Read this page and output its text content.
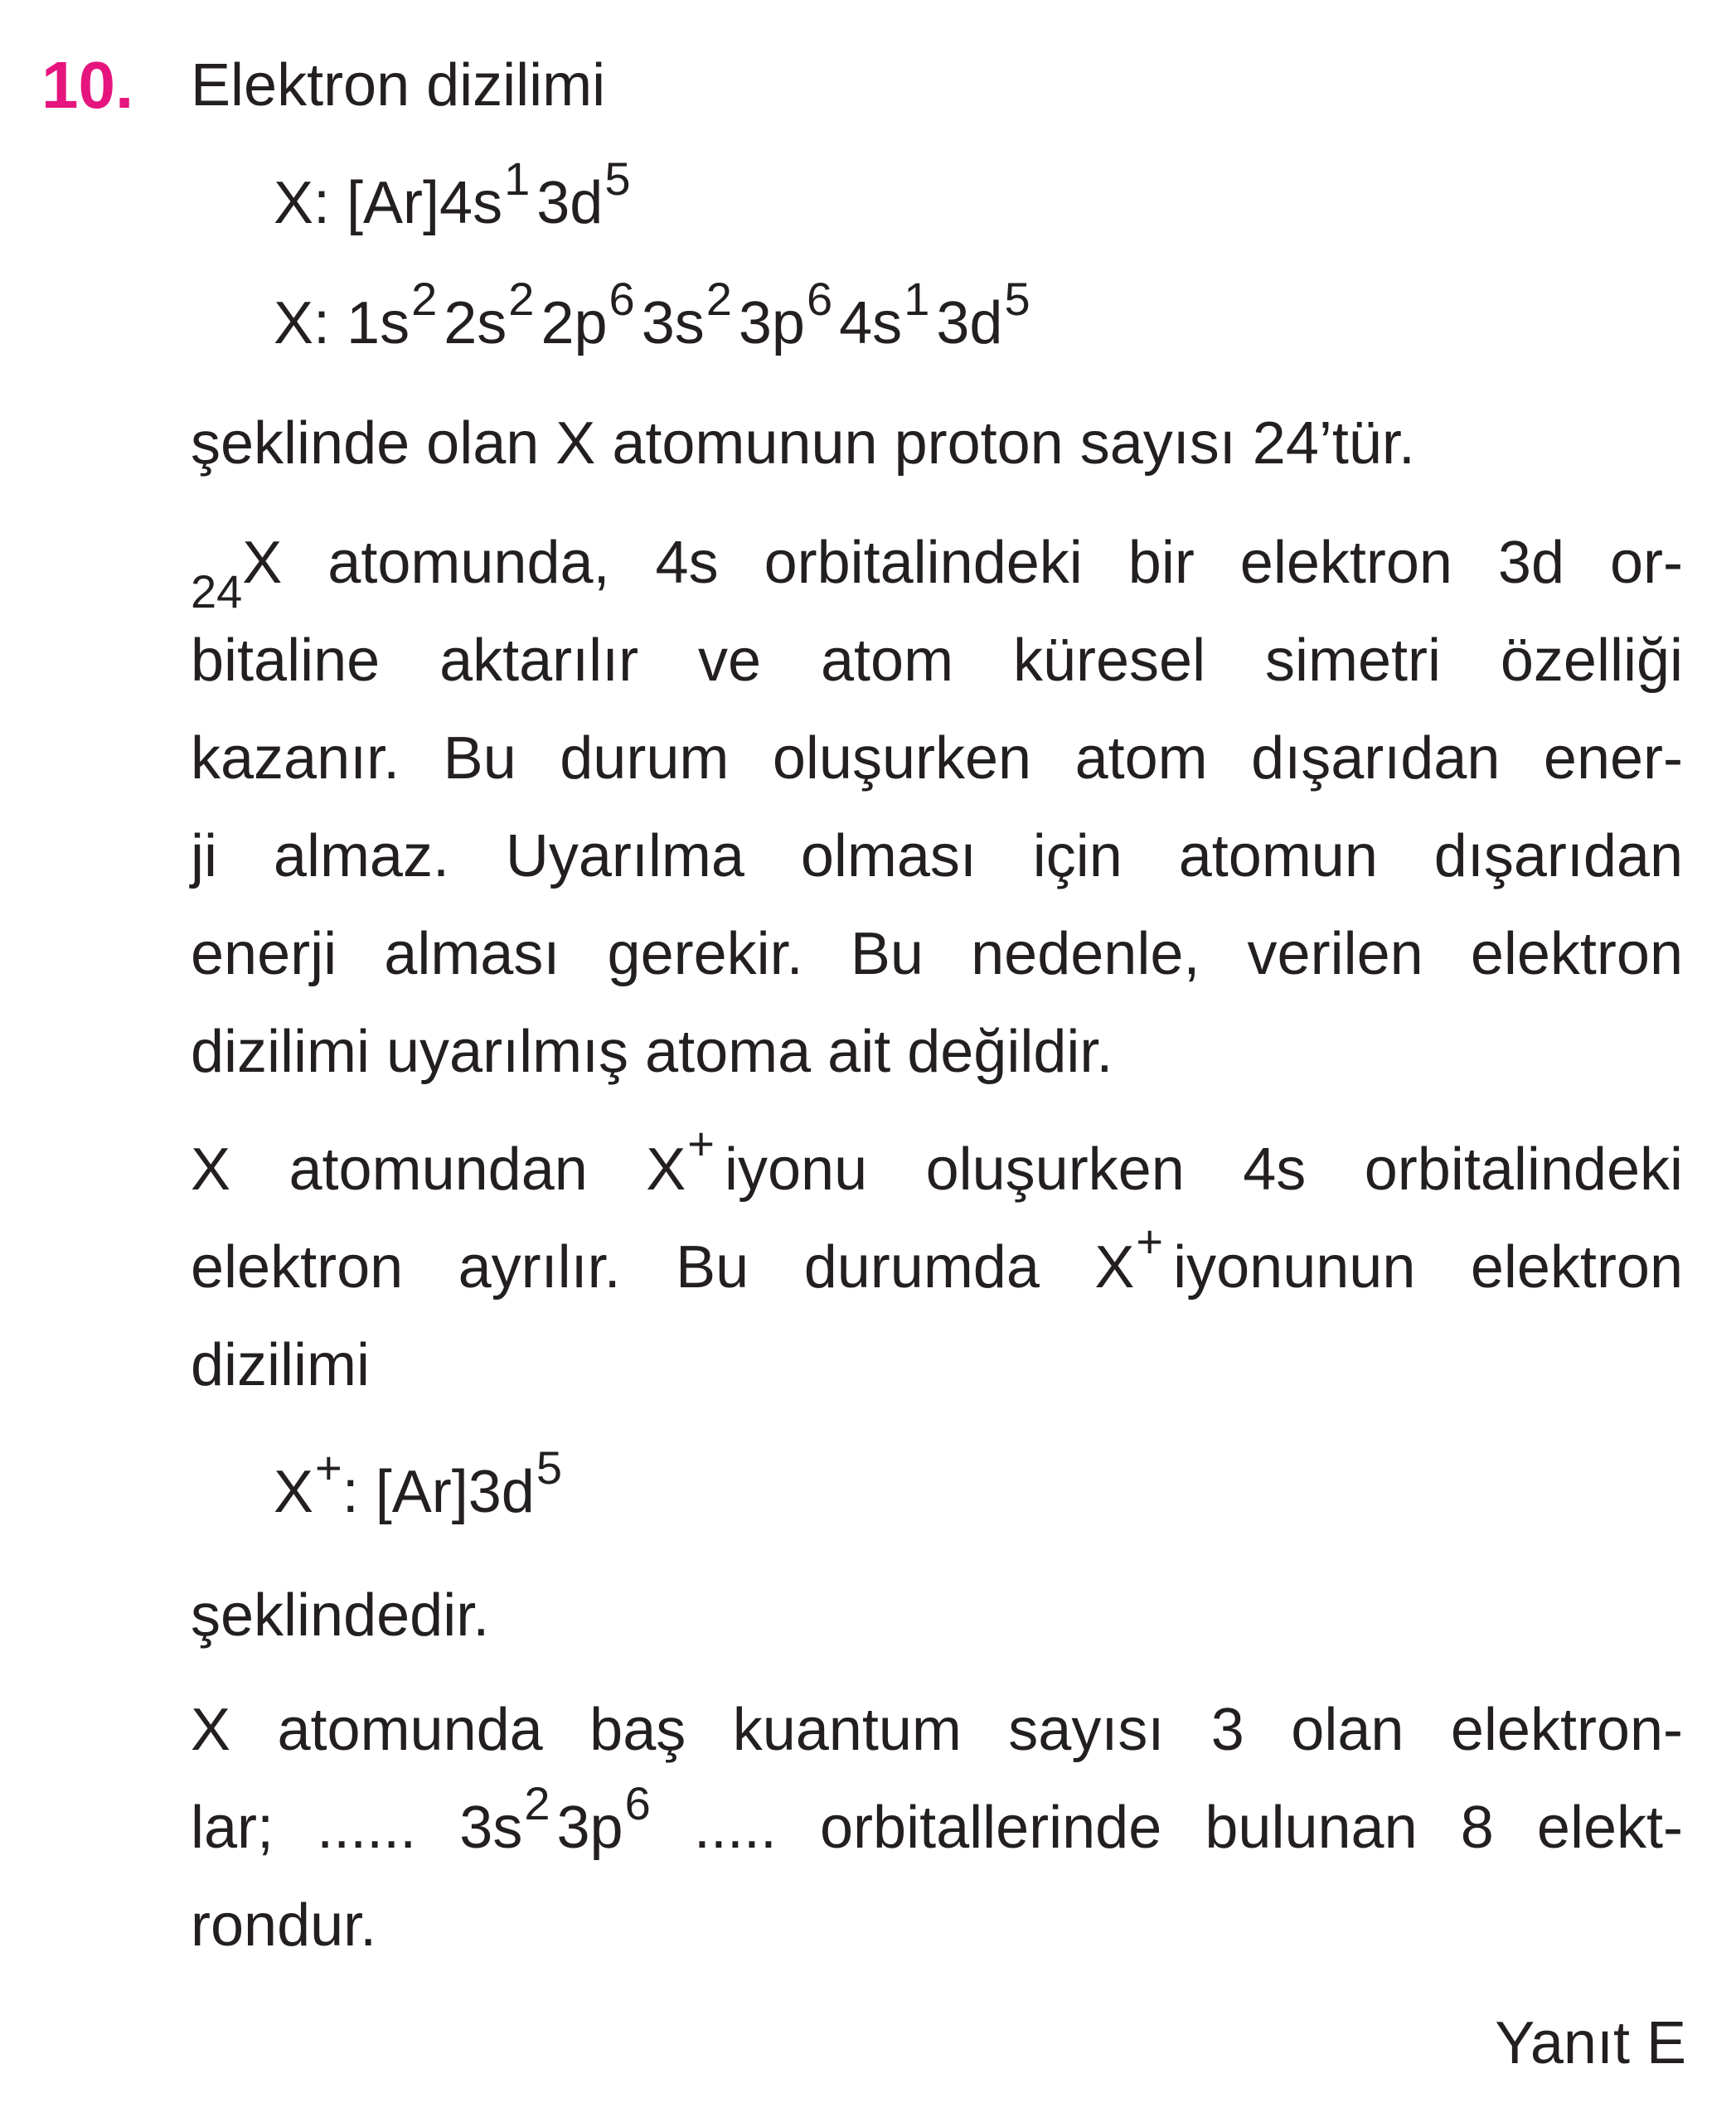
10. Elektron dizilimi
X: $[Ar]4s^1$ $3d^5$
X: $1s^2$ $2s^2$ $2p^6$ $3s^2$ $3p^6$ $4s^1$ $3d^5$
şeklinde olan X atomunun proton sayısı 24’tür.
$_{24}$X atomunda, 4s orbitalindeki bir elektron 3d or-
bitaline aktarılır ve atom küresel simetri özelliği
kazanır. Bu durum oluşurken atom dışarıdan ener-
ji almaz. Uyarılma olması için atomun dışarıdan
enerji alması gerekir. Bu nedenle, verilen elektron
dizilimi uyarılmış atoma ait değildir.
X atomundan X+ iyonu oluşurken 4s orbitalindeki
elektron ayrılır. Bu durumda X+ iyonunun elektron
dizilimi
X+: $[Ar]3d^5$
şeklindedir.
X atomunda baş kuantum sayısı 3 olan elektron-
lar; ...... $3s^2$ $3p^6$ ..... orbitallerinde bulunan 8 elekt-
rondur.
Yanıt E
